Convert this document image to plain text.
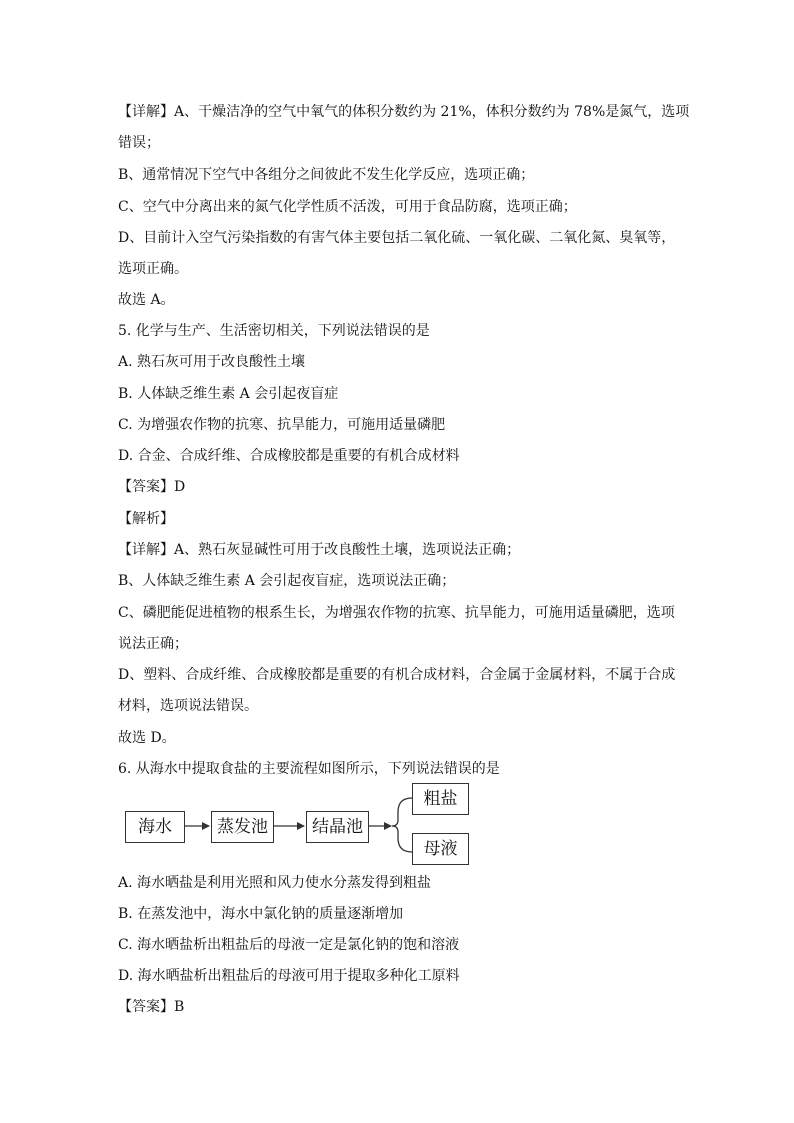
【详解】A、干燥洁净的空气中氧气的体积分数约为 21%，体积分数约为 78%是氮气，选项
错误；
B、通常情况下空气中各组分之间彼此不发生化学反应，选项正确；
C、空气中分离出来的氮气化学性质不活泼，可用于食品防腐，选项正确；
D、目前计入空气污染指数的有害气体主要包括二氧化硫、一氧化碳、二氧化氮、臭氧等，
选项正确。
故选 A。
5. 化学与生产、生活密切相关，下列说法错误的是
A. 熟石灰可用于改良酸性土壤
B. 人体缺乏维生素 A 会引起夜盲症
C. 为增强农作物的抗寒、抗旱能力，可施用适量磷肥
D. 合金、合成纤维、合成橡胶都是重要的有机合成材料
【答案】D
【解析】
【详解】A、熟石灰显碱性可用于改良酸性土壤，选项说法正确；
B、人体缺乏维生素 A 会引起夜盲症，选项说法正确；
C、磷肥能促进植物的根系生长，为增强农作物的抗寒、抗旱能力，可施用适量磷肥，选项
说法正确；
D、塑料、合成纤维、合成橡胶都是重要的有机合成材料，合金属于金属材料，不属于合成
材料，选项说法错误。
故选 D。
6. 从海水中提取食盐的主要流程如图所示，下列说法错误的是
海水	蒸发池	结晶池
粗盐
母液
A. 海水晒盐是利用光照和风力使水分蒸发得到粗盐
B. 在蒸发池中，海水中氯化钠的质量逐渐增加
C. 海水晒盐析出粗盐后的母液一定是氯化钠的饱和溶液
D. 海水晒盐析出粗盐后的母液可用于提取多种化工原料
【答案】B
